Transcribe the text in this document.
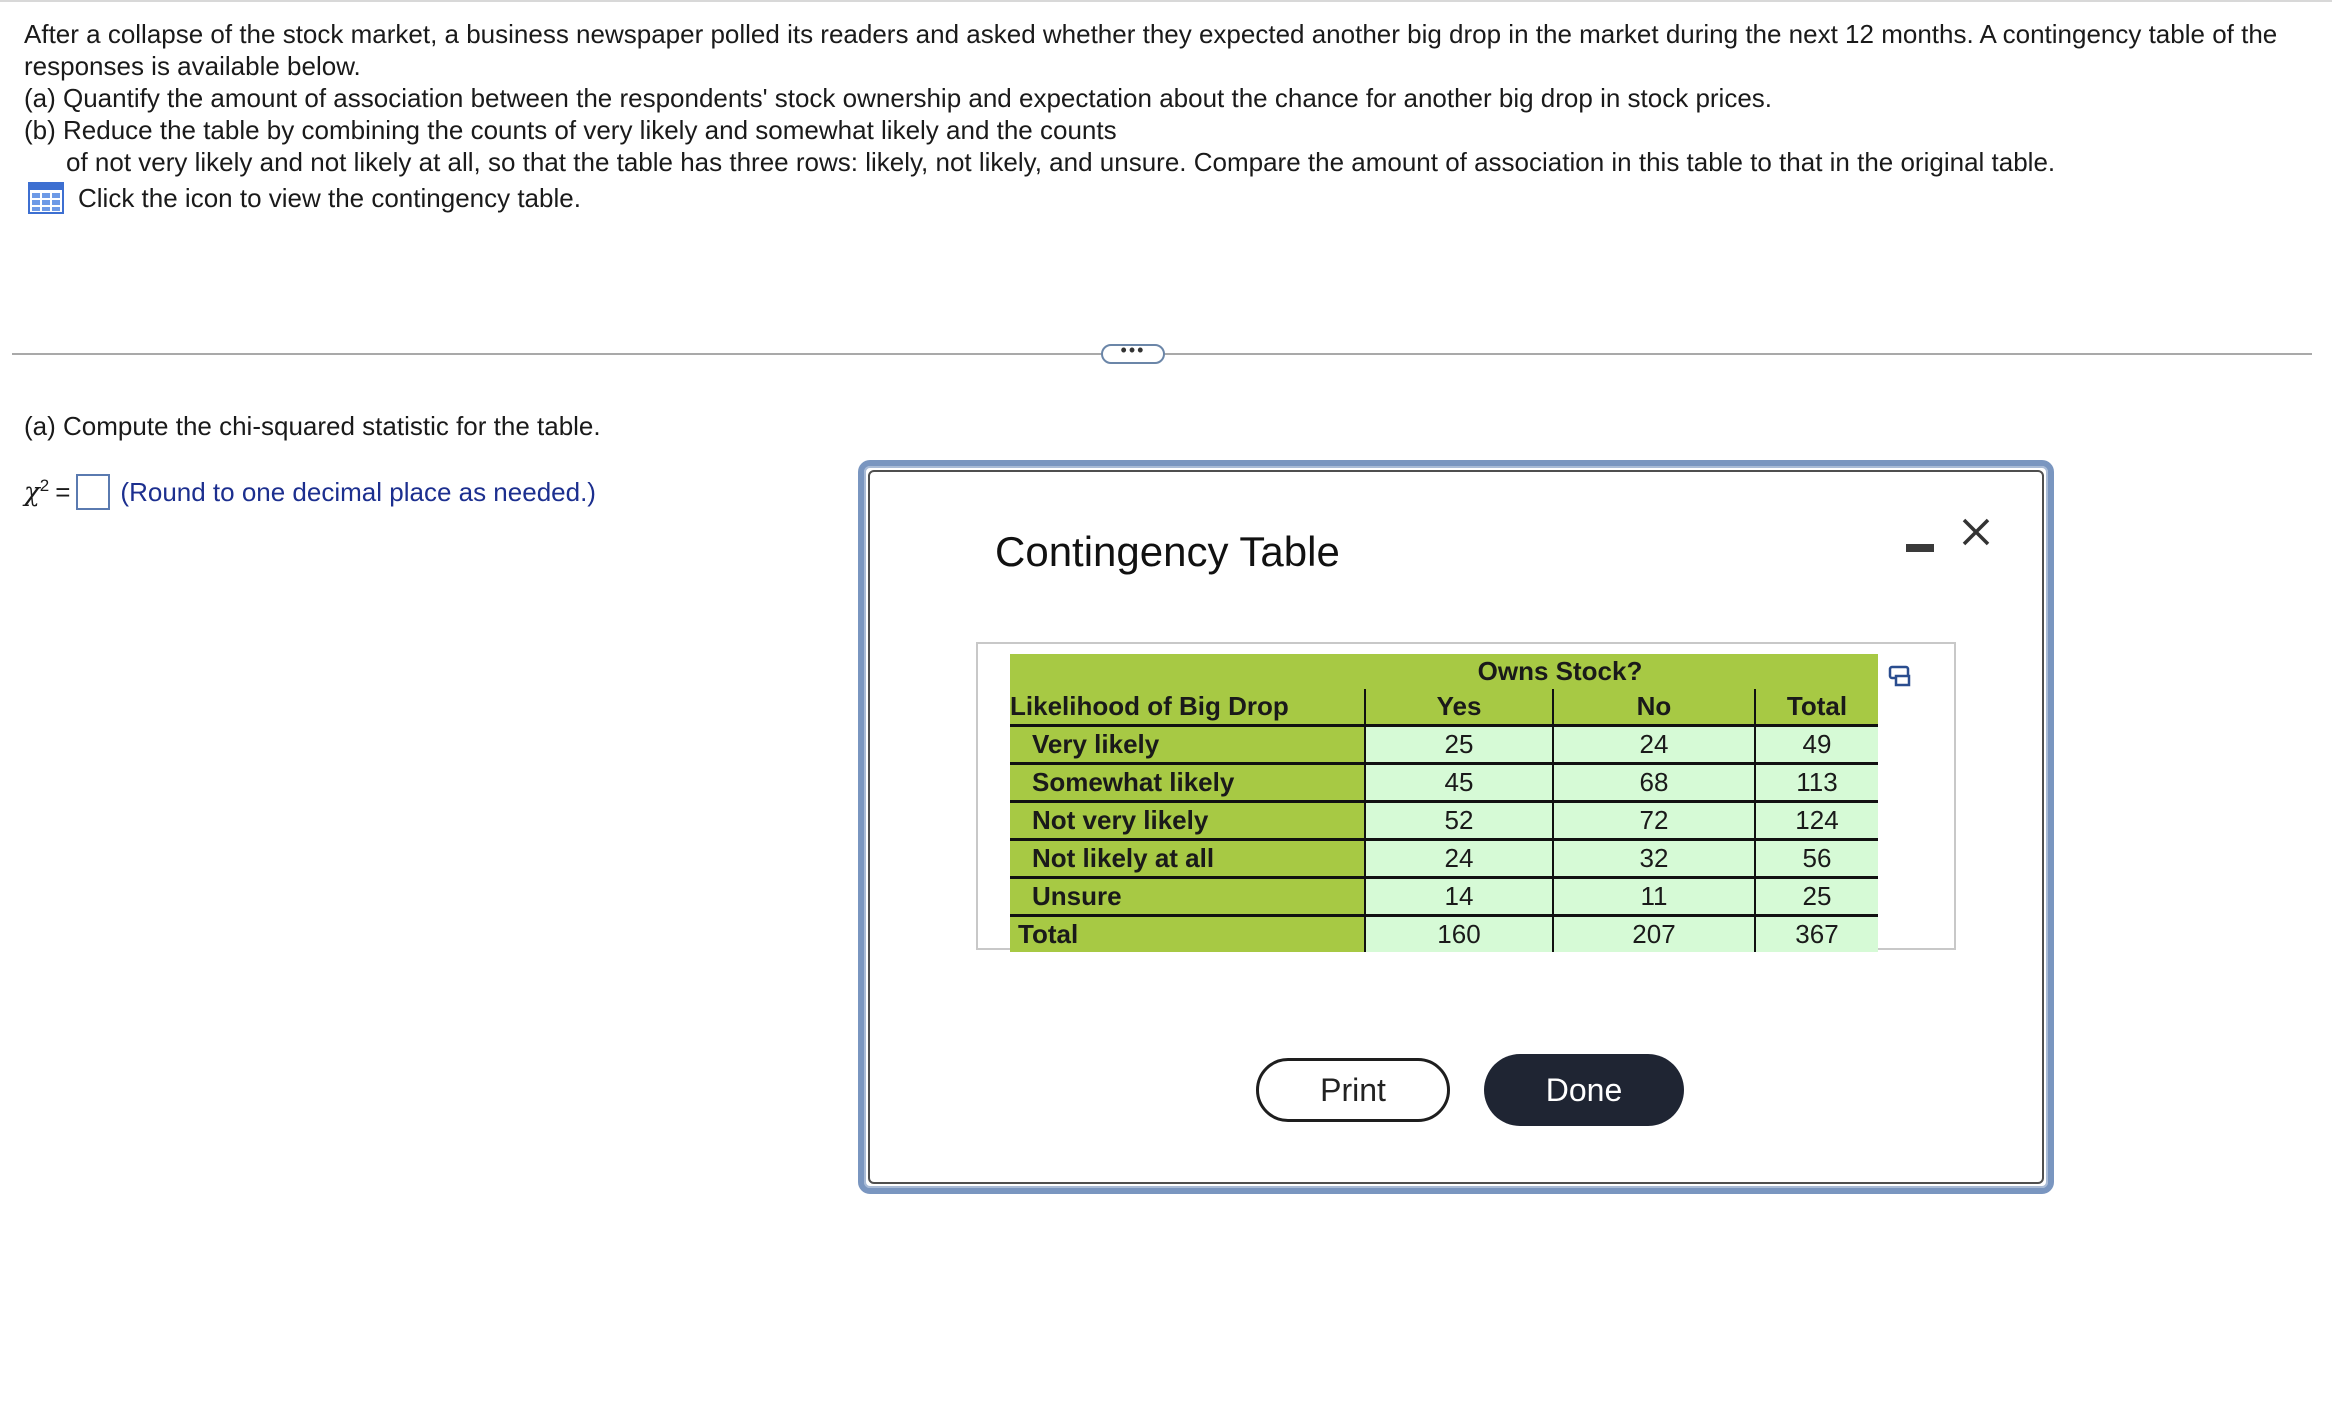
After a collapse of the stock market, a business newspaper polled its readers and asked whether they expected another big drop in the market during the next 12 months. A contingency table of the responses is available below.

(a) Quantify the amount of association between the respondents' stock ownership and expectation about the chance for another big drop in stock prices.

(b) Reduce the table by combining the counts of very likely and somewhat likely and the counts

of not very likely and not likely at all, so that the table has three rows: likely, not likely, and unsure. Compare the amount of association in this table to that in the original table.

Click the icon to view the contingency table.
•••
(a) Compute the chi-squared statistic for the table.
$\chi^2$ = (Round to one decimal place as needed.)
Contingency Table
	Owns Stock?		
Likelihood of Big Drop	Yes	No	Total
Very likely	25	24	49
Somewhat likely	45	68	113
Not very likely	52	72	124
Not likely at all	24	32	56
Unsure	14	11	25
Total	160	207	367
Print	Done
